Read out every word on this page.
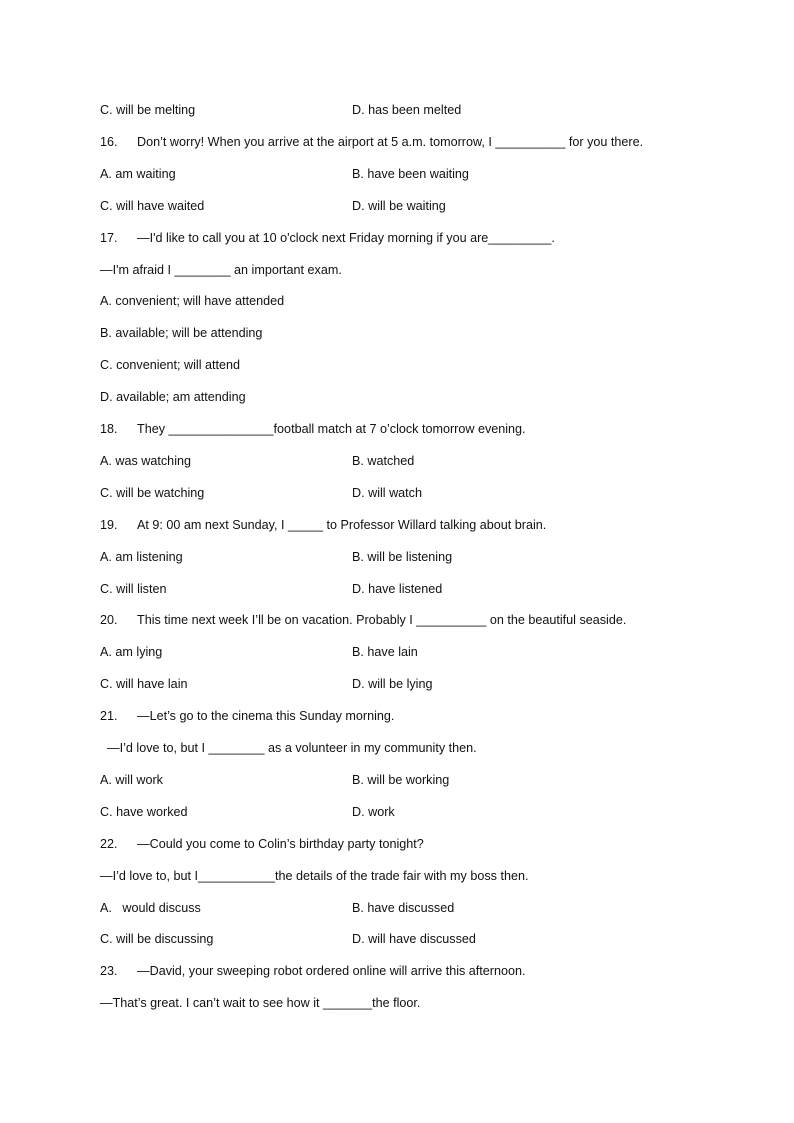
C. will be melting	D. has been melted
16. Don’t worry! When you arrive at the airport at 5 a.m. tomorrow, I __________ for you there.
A. am waiting	B. have been waiting
C. will have waited	D. will be waiting
17. —I'd like to call you at 10 o'clock next Friday morning if you are_________.
—I'm afraid I ________ an important exam.
A. convenient; will have attended
B. available; will be attending
C. convenient; will attend
D. available; am attending
18. They _______________football match at 7 o’clock tomorrow evening.
A. was watching	B. watched
C. will be watching	D. will watch
19. At 9: 00 am next Sunday, I _____ to Professor Willard talking about brain.
A. am listening	B. will be listening
C. will listen	D. have listened
20. This time next week I’ll be on vacation. Probably I __________ on the beautiful seaside.
A. am lying	B. have lain
C. will have lain	D. will be lying
21. —Let’s go to the cinema this Sunday morning.
—I’d love to, but I ________ as a volunteer in my community then.
A. will work	B. will be working
C. have worked	D. work
22. —Could you come to Colin’s birthday party tonight?
—I’d love to, but I___________the details of the trade fair with my boss then.
A.   would discuss	B. have discussed
C. will be discussing	D. will have discussed
23. —David, your sweeping robot ordered online will arrive this afternoon.
—That’s great. I can’t wait to see how it _______the floor.
